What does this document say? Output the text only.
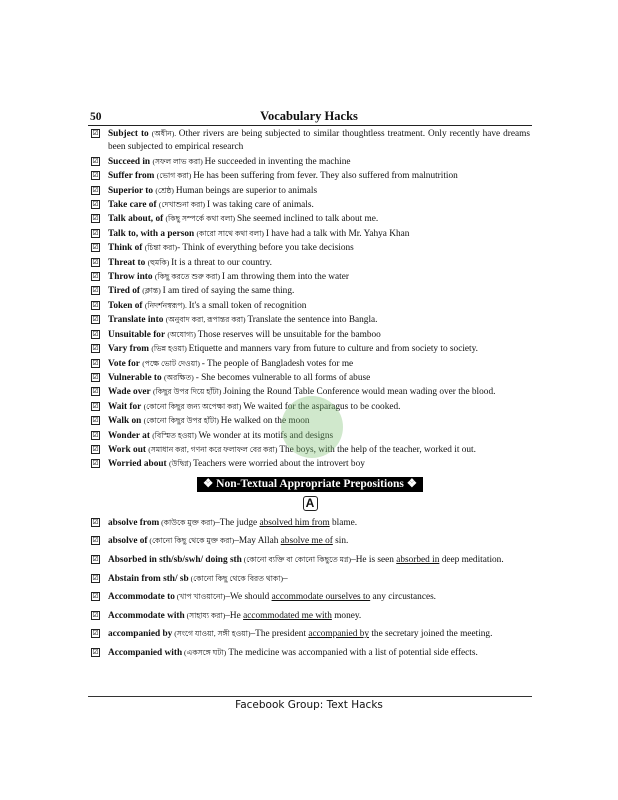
50	Vocabulary Hacks
☑ Subject to (অধীন). Other rivers are being subjected to similar thoughtless treatment. Only recently have dreams been subjected to empirical research
☑ Succeed in (সফল লাভ করা) He succeeded in inventing the machine
☑ Suffer from (ভোগ করা) He has been suffering from fever. They also suffered from malnutrition
☑ Superior to (শ্রেষ্ঠ) Human beings are superior to animals
☑ Take care of (দেখাশুনা করা) I was taking care of animals.
☑ Talk about, of (কিছু সম্পর্কে কথা বলা) She seemed inclined to talk about me.
☑ Talk to, with a person (কারো সাথে কথা বলা) I have had a talk with Mr. Yahya Khan
☑ Think of (চিন্তা করা)- Think of everything before you take decisions
☑ Threat to (হুমকি) It is a threat to our country.
☑ Throw into (কিছু করতে শুরু করা) I am throwing them into the water
☑ Tired of (ক্লান্ত) I am tired of saying the same thing.
☑ Token of (নিদর্শনস্বরূপ). It's a small token of recognition
☑ Translate into (অনুবাদ করা, রূপান্তর করা) Translate the sentence into Bangla.
☑ Unsuitable for (অযোগ্য) Those reserves will be unsuitable for the bamboo
☑ Vary from (ভিন্ন হওয়া) Etiquette and manners vary from future to culture and from society to society.
☑ Vote for (পক্ষে ভোট দেওয়া) - The people of Bangladesh votes for me
☑ Vulnerable to (অরক্ষিত) - She becomes vulnerable to all forms of abuse
☑ Wade over (কিছুর উপর দিয়ে হাঁটা) Joining the Round Table Conference would mean wading over the blood.
☑ Wait for (কোনো কিছুর জন্য অপেক্ষা করা) We waited for the asparagus to be cooked.
☑ Walk on (কোনো কিছুর উপর হাঁটা) He walked on the moon
☑ Wonder at (বিস্মিত হওয়া) We wonder at its motifs and designs
☑ Work out (সমাধান করা, গণনা করে ফলাফল বের করা) The boys, with the help of the teacher, worked it out.
☑ Worried about (উদ্বিগ্ন) Teachers were worried about the introvert boy
❖ Non-Textual Appropriate Prepositions ❖
A
☑ absolve from (কাউকে মুক্ত করা)–The judge absolved him from blame.
☑ absolve of (কোনো কিছু থেকে মুক্ত করা)–May Allah absolve me of sin.
☑ Absorbed in sth/sb/swh/ doing sth (কোনো ব্যক্তি বা কোনো কিছুতে মগ্ন)–He is seen absorbed in deep meditation.
☑ Abstain from sth/ sb (কোনো কিছু থেকে বিরত থাকা)–
☑ Accommodate to (খাপ খাওয়ানো)–We should accommodate ourselves to any circustances.
☑ Accommodate with (সাহায্য করা)–He accommodated me with money.
☑ accompanied by (সংগে যাওয়া, সঙ্গী হওয়া)–The president accompanied by the secretary joined the meeting.
☑ Accompanied with (একসঙ্গে ঘটা) The medicine was accompanied with a list of potential side effects.
Facebook Group: Text Hacks
